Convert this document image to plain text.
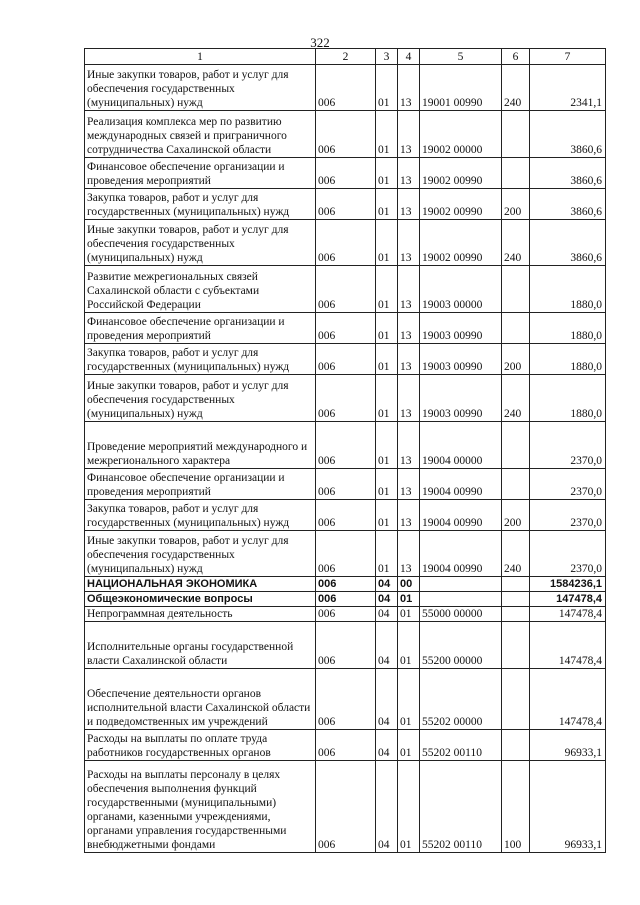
322
1	2	3	4	5	6	7
Иные закупки товаров, работ и услуг для обеспечения государственных (муниципальных) нужд	006	01	13	19001 00990	240	2341,1
Реализация комплекса мер по развитию международных связей и приграничного сотрудничества Сахалинской области	006	01	13	19002 00000		3860,6
Финансовое обеспечение организации и проведения мероприятий	006	01	13	19002 00990		3860,6
Закупка товаров, работ и услуг для государственных (муниципальных) нужд	006	01	13	19002 00990	200	3860,6
Иные закупки товаров, работ и услуг для обеспечения государственных (муниципальных) нужд	006	01	13	19002 00990	240	3860,6
Развитие межрегиональных связей Сахалинской области с субъектами Российской Федерации	006	01	13	19003 00000		1880,0
Финансовое обеспечение организации и проведения мероприятий	006	01	13	19003 00990		1880,0
Закупка товаров, работ и услуг для государственных (муниципальных) нужд	006	01	13	19003 00990	200	1880,0
Иные закупки товаров, работ и услуг для обеспечения государственных (муниципальных) нужд	006	01	13	19003 00990	240	1880,0
Проведение мероприятий международного и межрегионального характера	006	01	13	19004 00000		2370,0
Финансовое обеспечение организации и проведения мероприятий	006	01	13	19004 00990		2370,0
Закупка товаров, работ и услуг для государственных (муниципальных) нужд	006	01	13	19004 00990	200	2370,0
Иные закупки товаров, работ и услуг для обеспечения государственных (муниципальных) нужд	006	01	13	19004 00990	240	2370,0
НАЦИОНАЛЬНАЯ ЭКОНОМИКА	006	04	00			1584236,1
Общеэкономические вопросы	006	04	01			147478,4
Непрограммная деятельность	006	04	01	55000 00000		147478,4
Исполнительные органы государственной власти Сахалинской области	006	04	01	55200 00000		147478,4
Обеспечение деятельности органов исполнительной власти Сахалинской области и подведомственных им учреждений	006	04	01	55202 00000		147478,4
Расходы на выплаты по оплате труда работников государственных органов	006	04	01	55202 00110		96933,1
Расходы на выплаты персоналу в целях обеспечения выполнения функций государственными (муниципальными) органами, казенными учреждениями, органами управления государственными внебюджетными фондами	006	04	01	55202 00110	100	96933,1
